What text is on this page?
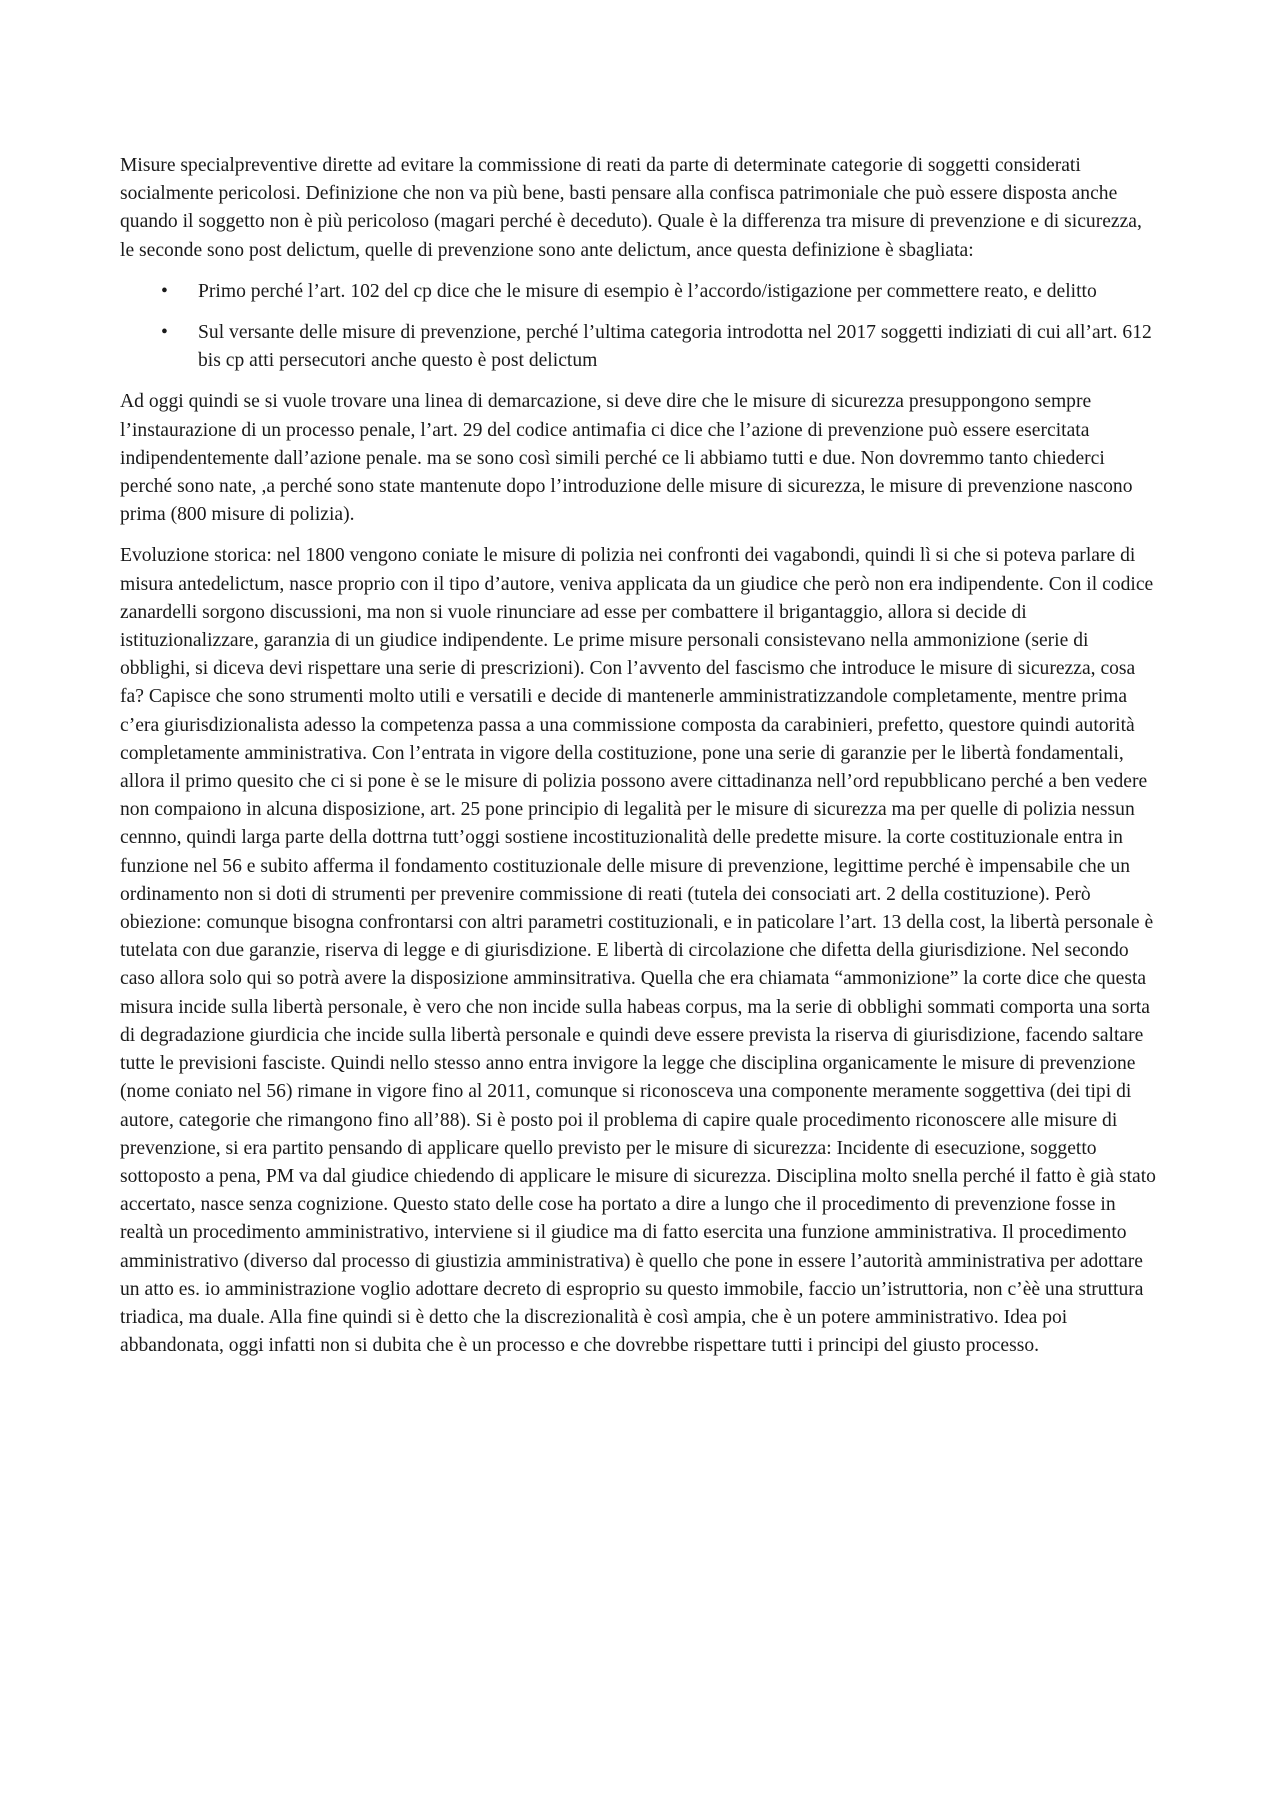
Misure specialpreventive dirette ad evitare la commissione di reati da parte di determinate categorie di soggetti considerati socialmente pericolosi. Definizione che non va più bene, basti pensare alla confisca patrimoniale che può essere disposta anche quando il soggetto non è più pericoloso (magari perché è deceduto). Quale è la differenza tra misure di prevenzione e di sicurezza, le seconde sono post delictum, quelle di prevenzione sono ante delictum, ance questa definizione è sbagliata:

• Primo perché l’art. 102 del cp dice che le misure di esempio è l’accordo/istigazione per commettere reato, e delitto
• Sul versante delle misure di prevenzione, perché l’ultima categoria introdotta nel 2017 soggetti indiziati di cui all’art. 612 bis cp atti persecutori anche questo è post delictum

Ad oggi quindi se si vuole trovare una linea di demarcazione, si deve dire che le misure di sicurezza presuppongono sempre l’instaurazione di un processo penale, l’art. 29 del codice antimafia ci dice che l’azione di prevenzione può essere esercitata indipendentemente dall’azione penale. ma se sono così simili perché ce li abbiamo tutti e due. Non dovremmo tanto chiederci perché sono nate, ,a perché sono state mantenute dopo l’introduzione delle misure di sicurezza, le misure di prevenzione nascono prima (800 misure di polizia).

Evoluzione storica: nel 1800 vengono coniate le misure di polizia nei confronti dei vagabondi, quindi lì si che si poteva parlare di misura antedelictum, nasce proprio con il tipo d’autore, veniva applicata da un giudice che però non era indipendente. Con il codice zanardelli sorgono discussioni, ma non si vuole rinunciare ad esse per combattere il brigantaggio, allora si decide di istituzionalizzare, garanzia di un giudice indipendente. Le prime misure personali consistevano nella ammonizione (serie di obblighi, si diceva devi rispettare una serie di prescrizioni). Con l’avvento del fascismo che introduce le misure di sicurezza, cosa fa? Capisce che sono strumenti molto utili e versatili e decide di mantenerle amministratizzandole completamente, mentre prima c’era giurisdizionalista adesso la competenza passa a una commissione composta da carabinieri, prefetto, questore quindi autorità completamente amministrativa. Con l’entrata in vigore della costituzione, pone una serie di garanzie per le libertà fondamentali, allora il primo quesito che ci si pone è se le misure di polizia possono avere cittadinanza nell’ord repubblicano perché a ben vedere non compaiono in alcuna disposizione, art. 25 pone principio di legalità per le misure di sicurezza ma per quelle di polizia nessun cennno, quindi larga parte della dottrna tutt’oggi sostiene incostituzionalità delle predette misure. la corte costituzionale entra in funzione nel 56 e subito afferma il fondamento costituzionale delle misure di prevenzione, legittime perché è impensabile che un ordinamento non si doti di strumenti per prevenire commissione di reati (tutela dei consociati art. 2 della costituzione). Però obiezione: comunque bisogna confrontarsi con altri parametri costituzionali, e in paticolare l’art. 13 della cost, la libertà personale è tutelata con due garanzie, riserva di legge e di giurisdizione. E libertà di circolazione che difetta della giurisdizione. Nel secondo caso allora solo qui so potrà avere la disposizione amminsitrativa. Quella che era chiamata “ammonizione” la corte dice che questa misura incide sulla libertà personale, è vero che non incide sulla habeas corpus, ma la serie di obblighi sommati comporta una sorta di degradazione giurdicia che incide sulla libertà personale e quindi deve essere prevista la riserva di giurisdizione, facendo saltare tutte le previsioni fasciste. Quindi nello stesso anno entra invigore la legge che disciplina organicamente le misure di prevenzione (nome coniato nel 56) rimane in vigore fino al 2011, comunque si riconosceva una componente meramente soggettiva (dei tipi di autore, categorie che rimangono fino all’88). Si è posto poi il problema di capire quale procedimento riconoscere alle misure di prevenzione, si era partito pensando di applicare quello previsto per le misure di sicurezza: Incidente di esecuzione, soggetto sottoposto a pena, PM va dal giudice chiedendo di applicare le misure di sicurezza. Disciplina molto snella perché il fatto è già stato accertato, nasce senza cognizione. Questo stato delle cose ha portato a dire a lungo che il procedimento di prevenzione fosse in realtà un procedimento amministrativo, interviene si il giudice ma di fatto esercita una funzione amministrativa. Il procedimento amministrativo (diverso dal processo di giustizia amministrativa) è quello che pone in essere l’autorità amministrativa per adottare un atto es. io amministrazione voglio adottare decreto di esproprio su questo immobile, faccio un’istruttoria, non c’èè una struttura triadica, ma duale. Alla fine quindi si è detto che la discrezionalità è così ampia, che è un potere amministrativo. Idea poi abbandonata, oggi infatti non si dubita che è un processo e che dovrebbe rispettare tutti i principi del giusto processo.
